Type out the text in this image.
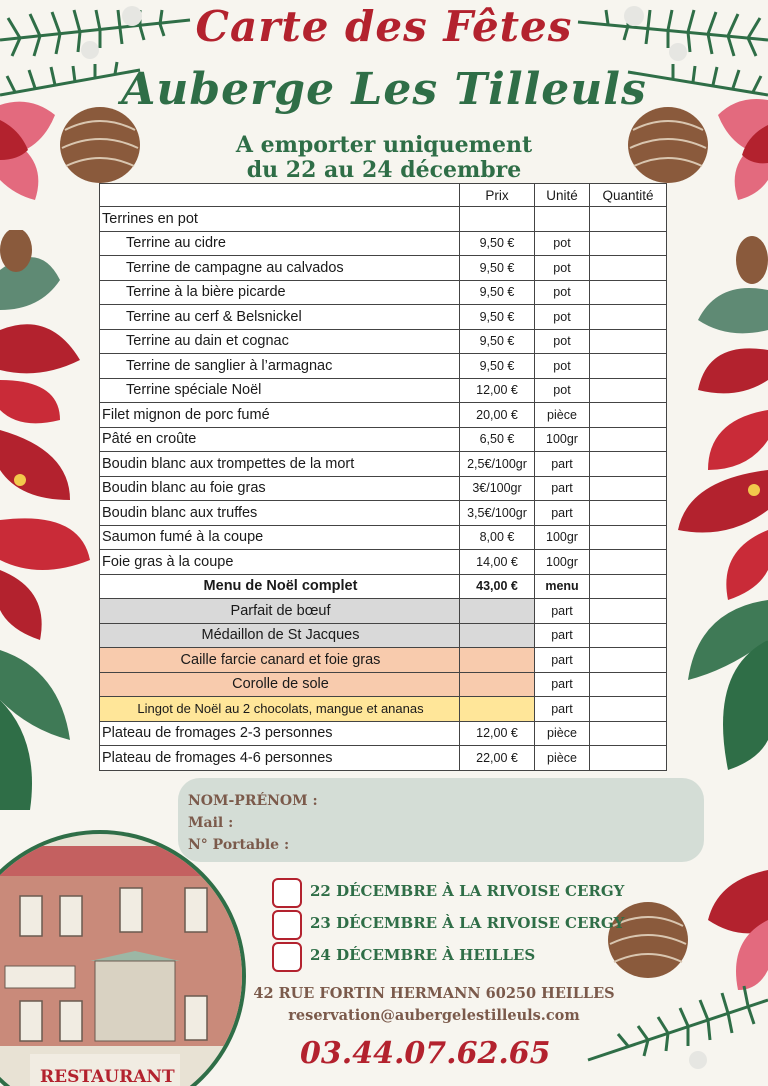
Carte des Fêtes
Auberge Les Tilleuls
A emporter uniquement
du 22 au 24 décembre
	Prix	Unité	Quantité
Terrines en pot			
Terrine au cidre	9,50 €	pot	
Terrine de campagne au calvados	9,50 €	pot	
Terrine à la bière picarde	9,50 €	pot	
Terrine au cerf & Belsnickel	9,50 €	pot	
Terrine au dain et cognac	9,50 €	pot	
Terrine de sanglier à l’armagnac	9,50 €	pot	
Terrine spéciale Noël	12,00 €	pot	
Filet mignon de porc fumé	20,00 €	pièce	
Pâté en croûte	6,50 €	100gr	
Boudin blanc aux trompettes de la mort	2,5€/100gr	part	
Boudin blanc au foie gras	3€/100gr	part	
Boudin blanc aux truffes	3,5€/100gr	part	
Saumon fumé à la coupe	8,00 €	100gr	
Foie gras à la coupe	14,00 €	100gr	
Menu de Noël complet	43,00 €	menu	
Parfait de bœuf		part	
Médaillon de St Jacques		part	
Caille farcie canard et foie gras		part	
Corolle de sole		part	
Lingot de Noël au 2 chocolats, mangue et ananas		part	
Plateau de fromages 2-3 personnes	12,00 €	pièce	
Plateau de fromages 4-6 personnes	22,00 €	pièce	
NOM-PRÉNOM :
Mail :
N° Portable :
22 DÉCEMBRE À LA RIVOISE CERGY
23 DÉCEMBRE À LA RIVOISE CERGY
24 DÉCEMBRE À HEILLES
42 RUE FORTIN HERMANN 60250 HEILLES
reservation@aubergelestilleuls.com
03.44.07.62.65
RESTAURANT
